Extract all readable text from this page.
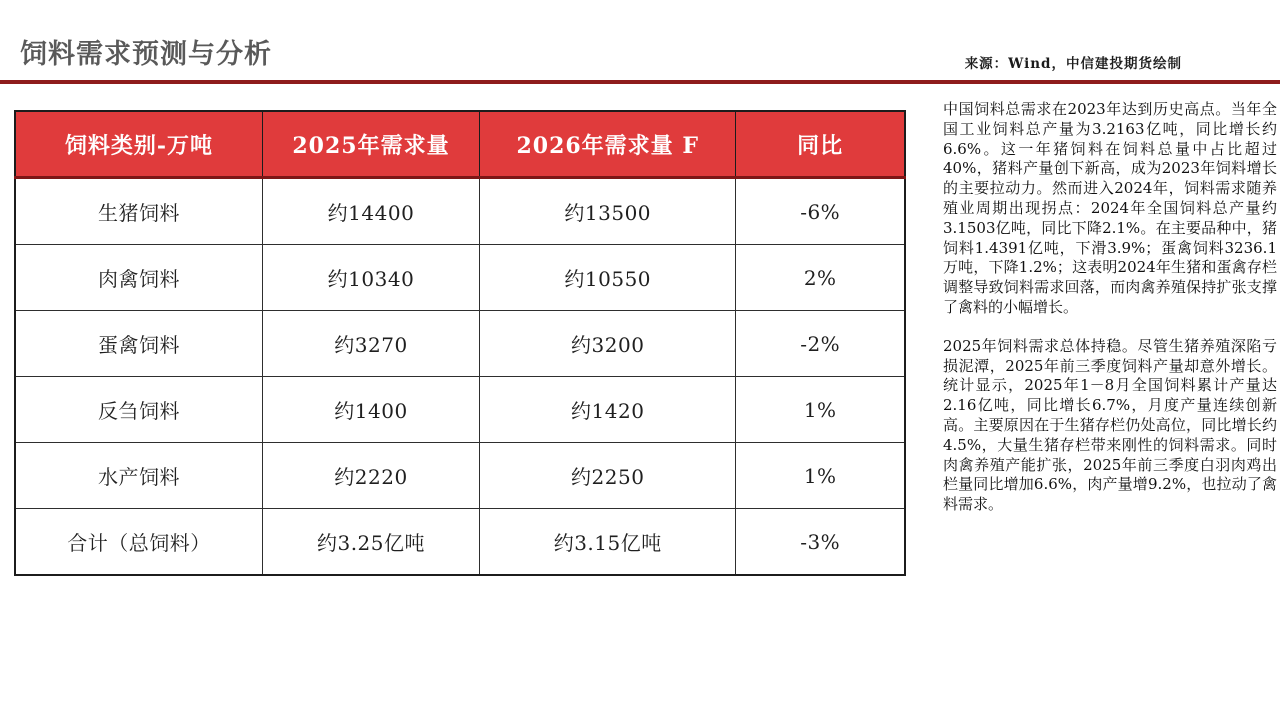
饲料需求预测与分析	来源：Wind，中信建投期货绘制
饲料类别-万吨	2025年需求量	2026年需求量 F	同比
生猪饲料	约14400	约13500	-6%
肉禽饲料	约10340	约10550	2%
蛋禽饲料	约3270	约3200	-2%
反刍饲料	约1400	约1420	1%
水产饲料	约2220	约2250	1%
合计（总饲料）	约3.25亿吨	约3.15亿吨	-3%

中国饲料总需求在2023年达到历史高点。当年全国工业饲料总产量为3.2163亿吨，同比增长约6.6%。这一年猪饲料在饲料总量中占比超过40%，猪料产量创下新高，成为2023年饲料增长的主要拉动力。然而进入2024年，饲料需求随养殖业周期出现拐点：2024年全国饲料总产量约3.1503亿吨，同比下降2.1%。在主要品种中，猪饲料1.4391亿吨，下滑3.9%；蛋禽饲料3236.1万吨，下降1.2%；这表明2024年生猪和蛋禽存栏调整导致饲料需求回落，而肉禽养殖保持扩张支撑了禽料的小幅增长。

2025年饲料需求总体持稳。尽管生猪养殖深陷亏损泥潭，2025年前三季度饲料产量却意外增长。统计显示，2025年1－8月全国饲料累计产量达2.16亿吨，同比增长6.7%，月度产量连续创新高。主要原因在于生猪存栏仍处高位，同比增长约4.5%，大量生猪存栏带来刚性的饲料需求。同时肉禽养殖产能扩张，2025年前三季度白羽肉鸡出栏量同比增加6.6%，肉产量增9.2%，也拉动了禽料需求。
